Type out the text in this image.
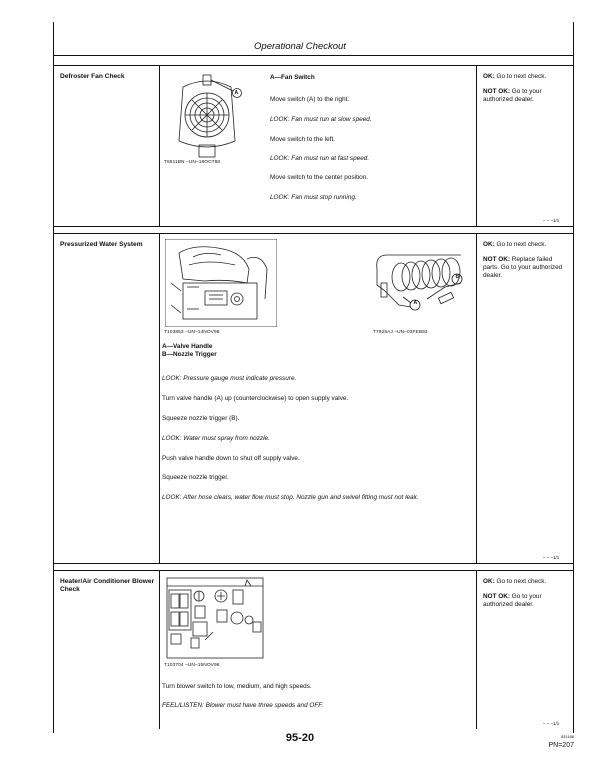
Operational Checkout
Defroster Fan Check
A
T6511BN –UN–18OCT88
A—Fan Switch
Move switch (A) to the right.
LOOK: Fan must run at slow speed.
Move switch to the left.
LOOK: Fan must run at fast speed.
Move switch to the center position.
LOOK: Fan must stop running.

OK: Go to next check.

NOT OK: Go to your authorized dealer.

– – –1/1
Pressurized Water System
T103853 –UN–14NOV96
B
A
T7925AJ –UN–03FEB93
A—Valve Handle
B—Nozzle Trigger
LOOK: Pressure gauge must indicate pressure.
Turn valve handle (A) up (counterclockwise) to open supply valve.
Squeeze nozzle trigger (B).
LOOK: Water must spray from nozzle.
Push valve handle down to shut off supply valve.
Squeeze nozzle trigger.
LOOK: After hose clears, water flow must stop. Nozzle gun and swivel fitting must not leak.

OK: Go to next check.

NOT OK: Replace failed parts. Go to your authorized dealer.

– – –1/1
Heater/Air Conditioner Blower Check
T103704 –UN–15NOV96
Turn blower switch to low, medium, and high speeds.
FEEL/LISTEN: Blower must have three speeds and OFF.

OK: Go to next check.

NOT OK: Go to your authorized dealer.

– – –1/1
95-20	831188
PN=207
